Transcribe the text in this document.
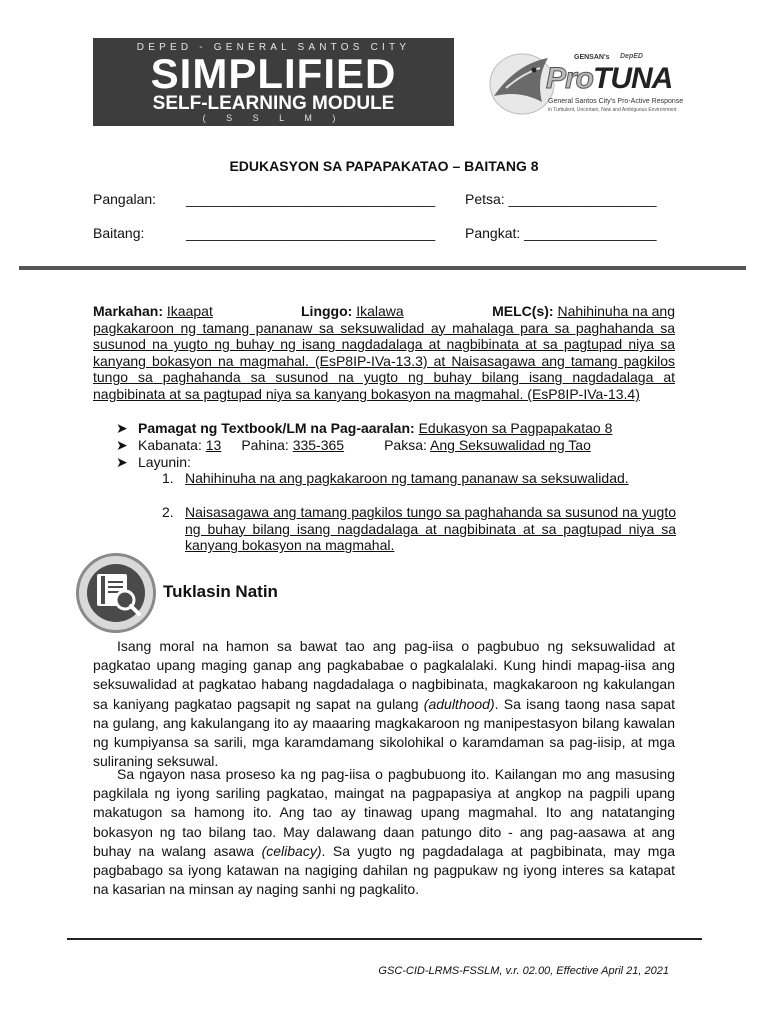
DEPED - GENERAL SANTOS CITY
SIMPLIFIED
SELF-LEARNING MODULE
( S S L M )
GENSAN's DepED
ProTUNA
General Santos City's Pro-Active Response
in Turbulent, Uncertain, New and Ambiguous Environment
EDUKASYON SA PAPAPAKATAO – BAITANG 8
Pangalan: ________________________________ Petsa: ___________________
Baitang:	________________________________ Pangkat: _________________
Markahan: Ikaapat	Linggo: Ikalawa	MELC(s): Nahihinuha na ang
pagkakaroon ng tamang pananaw sa seksuwalidad ay mahalaga para sa paghahanda sa susunod na yugto ng buhay ng isang nagdadalaga at nagbibinata at sa pagtupad niya sa kanyang bokasyon na magmahal. (EsP8IP-IVa-13.3) at Naisasagawa ang tamang pagkilos tungo sa paghahanda sa susunod na yugto ng buhay bilang isang nagdadalaga at nagbibinata at sa pagtupad niya sa kanyang bokasyon na magmahal. (EsP8IP-IVa-13.4)
➤ Pamagat ng Textbook/LM na Pag-aaralan: Edukasyon sa Pagpapakatao 8
➤ Kabanata: 13 Pahina: 335-365	Paksa: Ang Seksuwalidad ng Tao
➤ Layunin:
1. Nahihinuha na ang pagkakaroon ng tamang pananaw sa seksuwalidad.
2. Naisasagawa ang tamang pagkilos tungo sa paghahanda sa susunod na yugto ng buhay bilang isang nagdadalaga at nagbibinata at sa pagtupad niya sa kanyang bokasyon na magmahal.
Tuklasin Natin
Isang moral na hamon sa bawat tao ang pag-iisa o pagbubuo ng seksuwalidad at pagkatao upang maging ganap ang pagkababae o pagkalalaki. Kung hindi mapag-iisa ang seksuwalidad at pagkatao habang nagdadalaga o nagbibinata, magkakaroon ng kakulangan sa kaniyang pagkatao pagsapit ng sapat na gulang (adulthood). Sa isang taong nasa sapat na gulang, ang kakulangang ito ay maaaring magkakaroon ng manipestasyon bilang kawalan ng kumpiyansa sa sarili, mga karamdamang sikolohikal o karamdaman sa pag-iisip, at mga suliraning seksuwal.
Sa ngayon nasa proseso ka ng pag-iisa o pagbubuong ito. Kailangan mo ang masusing pagkilala ng iyong sariling pagkatao, maingat na pagpapasiya at angkop na pagpili upang makatugon sa hamong ito. Ang tao ay tinawag upang magmahal. Ito ang natatanging bokasyon ng tao bilang tao. May dalawang daan patungo dito - ang pag-aasawa at ang buhay na walang asawa (celibacy). Sa yugto ng pagdadalaga at pagbibinata, may mga pagbabago sa iyong katawan na nagiging dahilan ng pagpukaw ng iyong interes sa katapat na kasarian na minsan ay naging sanhi ng pagkalito.
GSC-CID-LRMS-FSSLM, v.r. 02.00, Effective April 21, 2021
